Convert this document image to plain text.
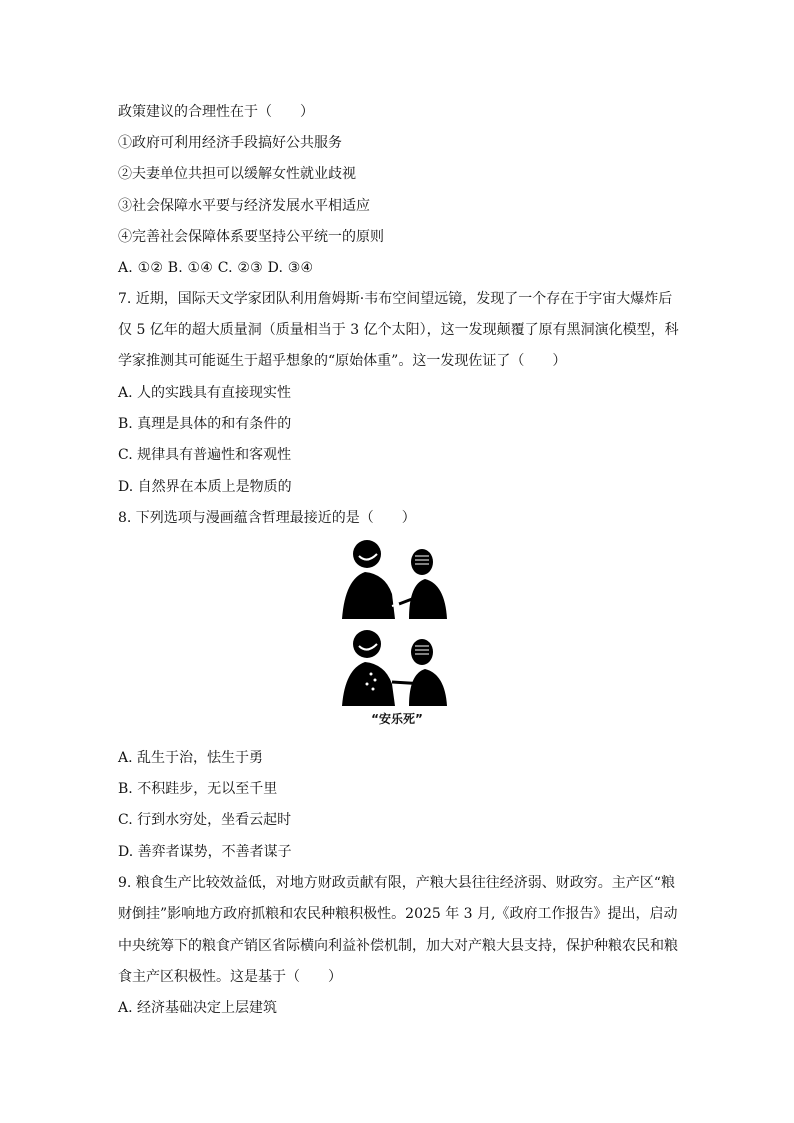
政策建议的合理性在于（　　）
①政府可利用经济手段搞好公共服务
②夫妻单位共担可以缓解女性就业歧视
③社会保障水平要与经济发展水平相适应
④完善社会保障体系要坚持公平统一的原则
A. ①② B. ①④ C. ②③ D. ③④
7. 近期，国际天文学家团队利用詹姆斯·韦布空间望远镜，发现了一个存在于宇宙大爆炸后
仅 5 亿年的超大质量洞（质量相当于 3 亿个太阳），这一发现颠覆了原有黑洞演化模型，科
学家推测其可能诞生于超乎想象的“原始体重”。这一发现佐证了（　　）
A. 人的实践具有直接现实性
B. 真理是具体的和有条件的
C. 规律具有普遍性和客观性
D. 自然界在本质上是物质的
8. 下列选项与漫画蕴含哲理最接近的是（　　）
“安乐死”
A. 乱生于治，怯生于勇
B. 不积跬步，无以至千里
C. 行到水穷处，坐看云起时
D. 善弈者谋势，不善者谋子
9. 粮食生产比较效益低，对地方财政贡献有限，产粮大县往往经济弱、财政穷。主产区“粮
财倒挂”影响地方政府抓粮和农民种粮积极性。2025 年 3 月,《政府工作报告》提出，启动
中央统筹下的粮食产销区省际横向利益补偿机制，加大对产粮大县支持，保护种粮农民和粮
食主产区积极性。这是基于（　　）
A. 经济基础决定上层建筑
